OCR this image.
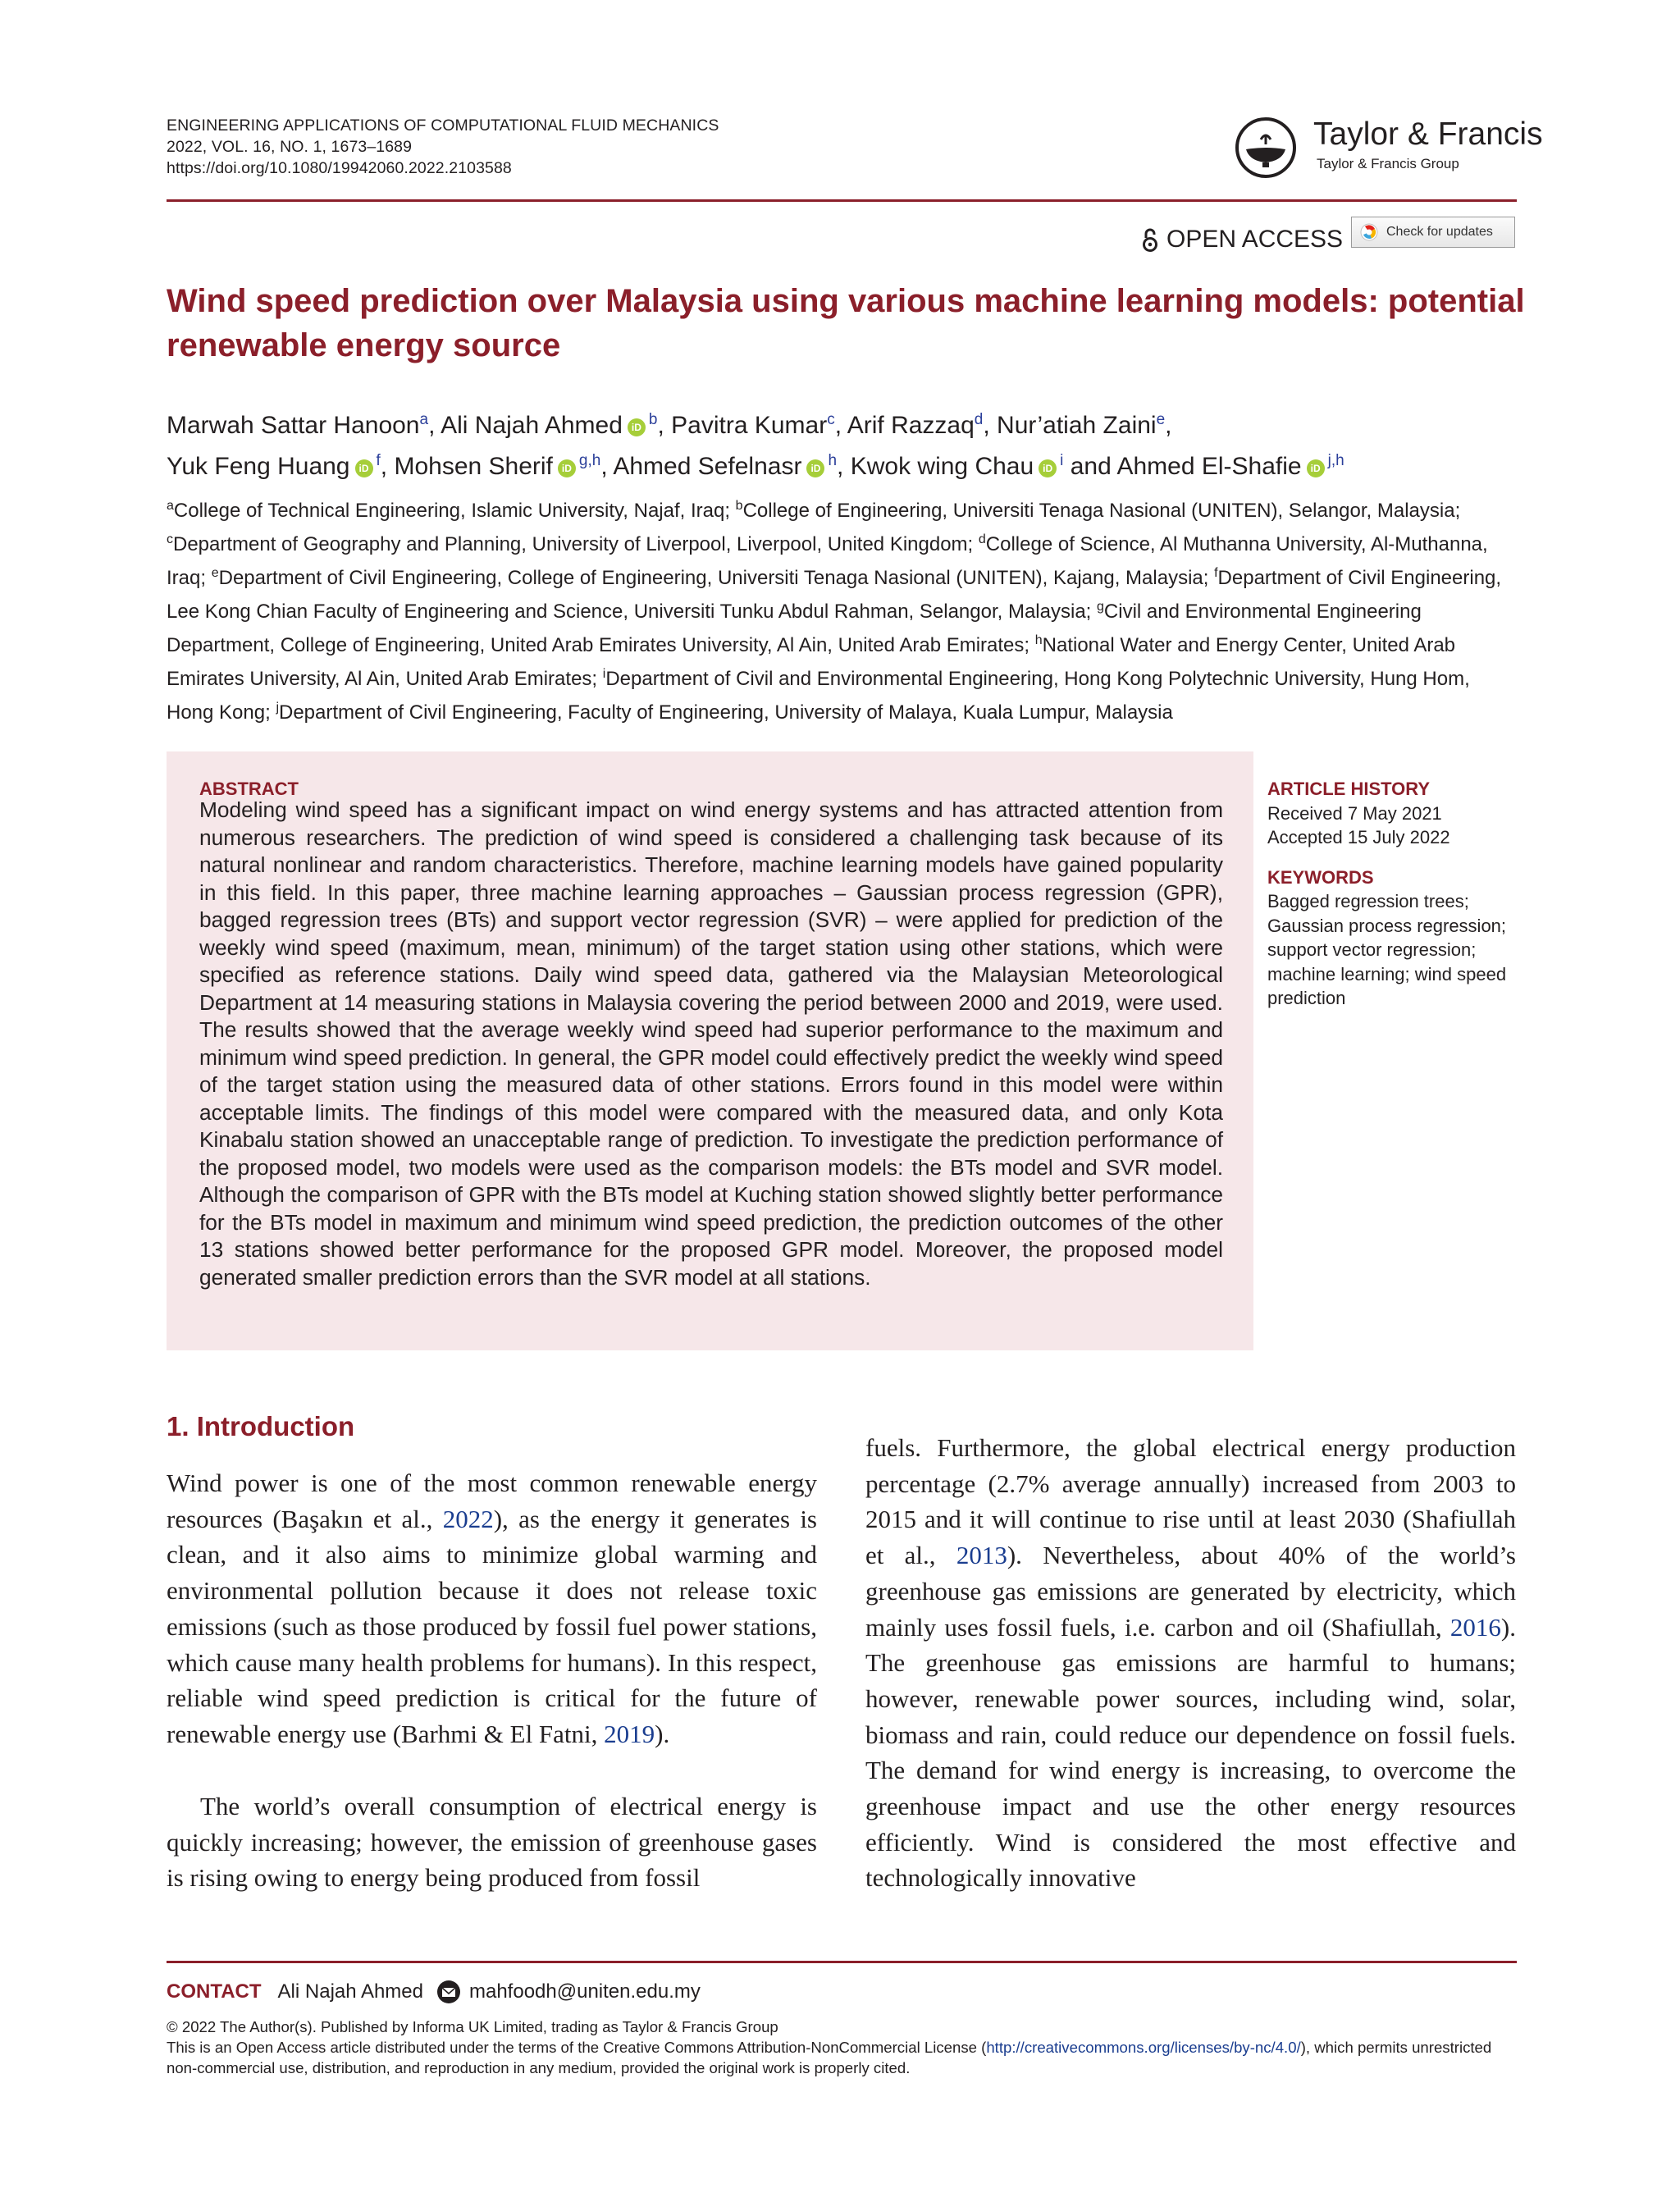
ENGINEERING APPLICATIONS OF COMPUTATIONAL FLUID MECHANICS
2022, VOL. 16, NO. 1, 1673–1689
https://doi.org/10.1080/19942060.2022.2103588
Taylor & Francis
Taylor & Francis Group
OPEN ACCESS	Check for updates
Wind speed prediction over Malaysia using various machine learning models: potential renewable energy source

Marwah Sattar Hanoon$^a$, Ali Najah Ahmed iD $^b$, Pavitra Kumar$^c$, Arif Razzaq$^d$, Nur’atiah Zaini$^e$,
Yuk Feng Huang iD $^f$, Mohsen Sherif iD $^{g,h}$, Ahmed Sefelnasr iD $^h$, Kwok wing Chau iD $^i$ and Ahmed El-Shafie iD $^{j,h}$

$^a$College of Technical Engineering, Islamic University, Najaf, Iraq; $^b$College of Engineering, Universiti Tenaga Nasional (UNITEN), Selangor, Malaysia; $^c$Department of Geography and Planning, University of Liverpool, Liverpool, United Kingdom; $^d$College of Science, Al Muthanna University, Al-Muthanna, Iraq; $^e$Department of Civil Engineering, College of Engineering, Universiti Tenaga Nasional (UNITEN), Kajang, Malaysia; $^f$Department of Civil Engineering, Lee Kong Chian Faculty of Engineering and Science, Universiti Tunku Abdul Rahman, Selangor, Malaysia; $^g$Civil and Environmental Engineering Department, College of Engineering, United Arab Emirates University, Al Ain, United Arab Emirates; $^h$National Water and Energy Center, United Arab Emirates University, Al Ain, United Arab Emirates; $^i$Department of Civil and Environmental Engineering, Hong Kong Polytechnic University, Hung Hom, Hong Kong; $^j$Department of Civil Engineering, Faculty of Engineering, University of Malaya, Kuala Lumpur, Malaysia

ABSTRACT

Modeling wind speed has a significant impact on wind energy systems and has attracted attention from numerous researchers. The prediction of wind speed is considered a challenging task because of its natural nonlinear and random characteristics. Therefore, machine learning models have gained popularity in this field. In this paper, three machine learning approaches – Gaussian process regression (GPR), bagged regression trees (BTs) and support vector regression (SVR) – were applied for prediction of the weekly wind speed (maximum, mean, minimum) of the target station using other stations, which were specified as reference stations. Daily wind speed data, gathered via the Malaysian Meteorological Department at 14 measuring stations in Malaysia covering the period between 2000 and 2019, were used. The results showed that the average weekly wind speed had superior performance to the maximum and minimum wind speed prediction. In general, the GPR model could effectively predict the weekly wind speed of the target station using the measured data of other stations. Errors found in this model were within acceptable limits. The findings of this model were compared with the measured data, and only Kota Kinabalu station showed an unacceptable range of prediction. To investigate the prediction performance of the proposed model, two models were used as the comparison models: the BTs model and SVR model. Although the comparison of GPR with the BTs model at Kuching station showed slightly better performance for the BTs model in maximum and minimum wind speed prediction, the prediction outcomes of the other 13 stations showed better performance for the proposed GPR model. Moreover, the proposed model generated smaller prediction errors than the SVR model at all stations.

ARTICLE HISTORY
Received 7 May 2021
Accepted 15 July 2022
KEYWORDS
Bagged regression trees; Gaussian process regression; support vector regression; machine learning; wind speed prediction
1. Introduction

Wind power is one of the most common renewable energy resources (Başakın et al., 2022), as the energy it generates is clean, and it also aims to minimize global warming and environmental pollution because it does not release toxic emissions (such as those produced by fossil fuel power stations, which cause many health problems for humans). In this respect, reliable wind speed prediction is critical for the future of renewable energy use (Barhmi & El Fatni, 2019).

The world’s overall consumption of electrical energy is quickly increasing; however, the emission of greenhouse gases is rising owing to energy being produced from fossil

fuels. Furthermore, the global electrical energy production percentage (2.7% average annually) increased from 2003 to 2015 and it will continue to rise until at least 2030 (Shafiullah et al., 2013). Nevertheless, about 40% of the world’s greenhouse gas emissions are generated by electricity, which mainly uses fossil fuels, i.e. carbon and oil (Shafiullah, 2016). The greenhouse gas emissions are harmful to humans; however, renewable power sources, including wind, solar, biomass and rain, could reduce our dependence on fossil fuels. The demand for wind energy is increasing, to overcome the greenhouse impact and use the other energy resources efficiently. Wind is considered the most effective and technologically innovative

CONTACT Ali Najah Ahmed mahfoodh@uniten.edu.my

© 2022 The Author(s). Published by Informa UK Limited, trading as Taylor & Francis Group
This is an Open Access article distributed under the terms of the Creative Commons Attribution-NonCommercial License (http://creativecommons.org/licenses/by-nc/4.0/), which permits unrestricted non-commercial use, distribution, and reproduction in any medium, provided the original work is properly cited.
